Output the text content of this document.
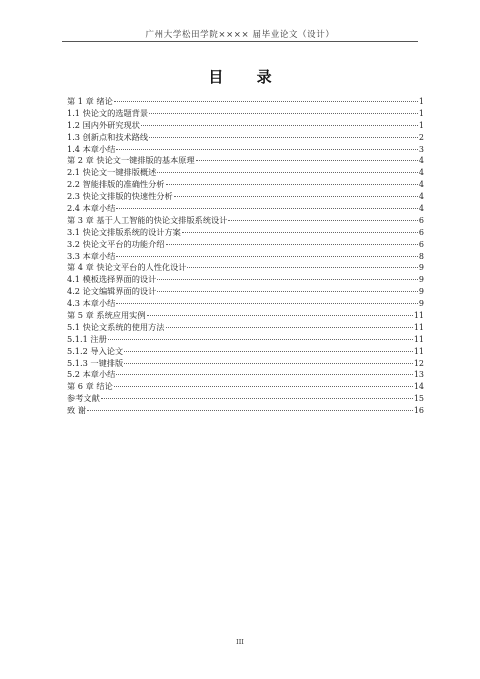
广州大学松田学院×××× 届毕业论文（设计）
目 录
第 1 章 绪论	1
1.1 快论文的选题背景	1
1.2 国内外研究现状	1
1.3 创新点和技术路线	2
1.4 本章小结	3
第 2 章 快论文一键排版的基本原理	4
2.1 快论文一键排版概述	4
2.2 智能排版的准确性分析	4
2.3 快论文排版的快速性分析	4
2.4 本章小结	4
第 3 章 基于人工智能的快论文排版系统设计	6
3.1 快论文排版系统的设计方案	6
3.2 快论文平台的功能介绍	6
3.3 本章小结	8
第 4 章 快论文平台的人性化设计	9
4.1 模板选择界面的设计	9
4.2 论文编辑界面的设计	9
4.3 本章小结	9
第 5 章 系统应用实例	11
5.1 快论文系统的使用方法	11
5.1.1 注册	11
5.1.2 导入论文	11
5.1.3 一键排版	12
5.2 本章小结	13
第 6 章 结论	14
参考文献	15
致 谢	16
III
